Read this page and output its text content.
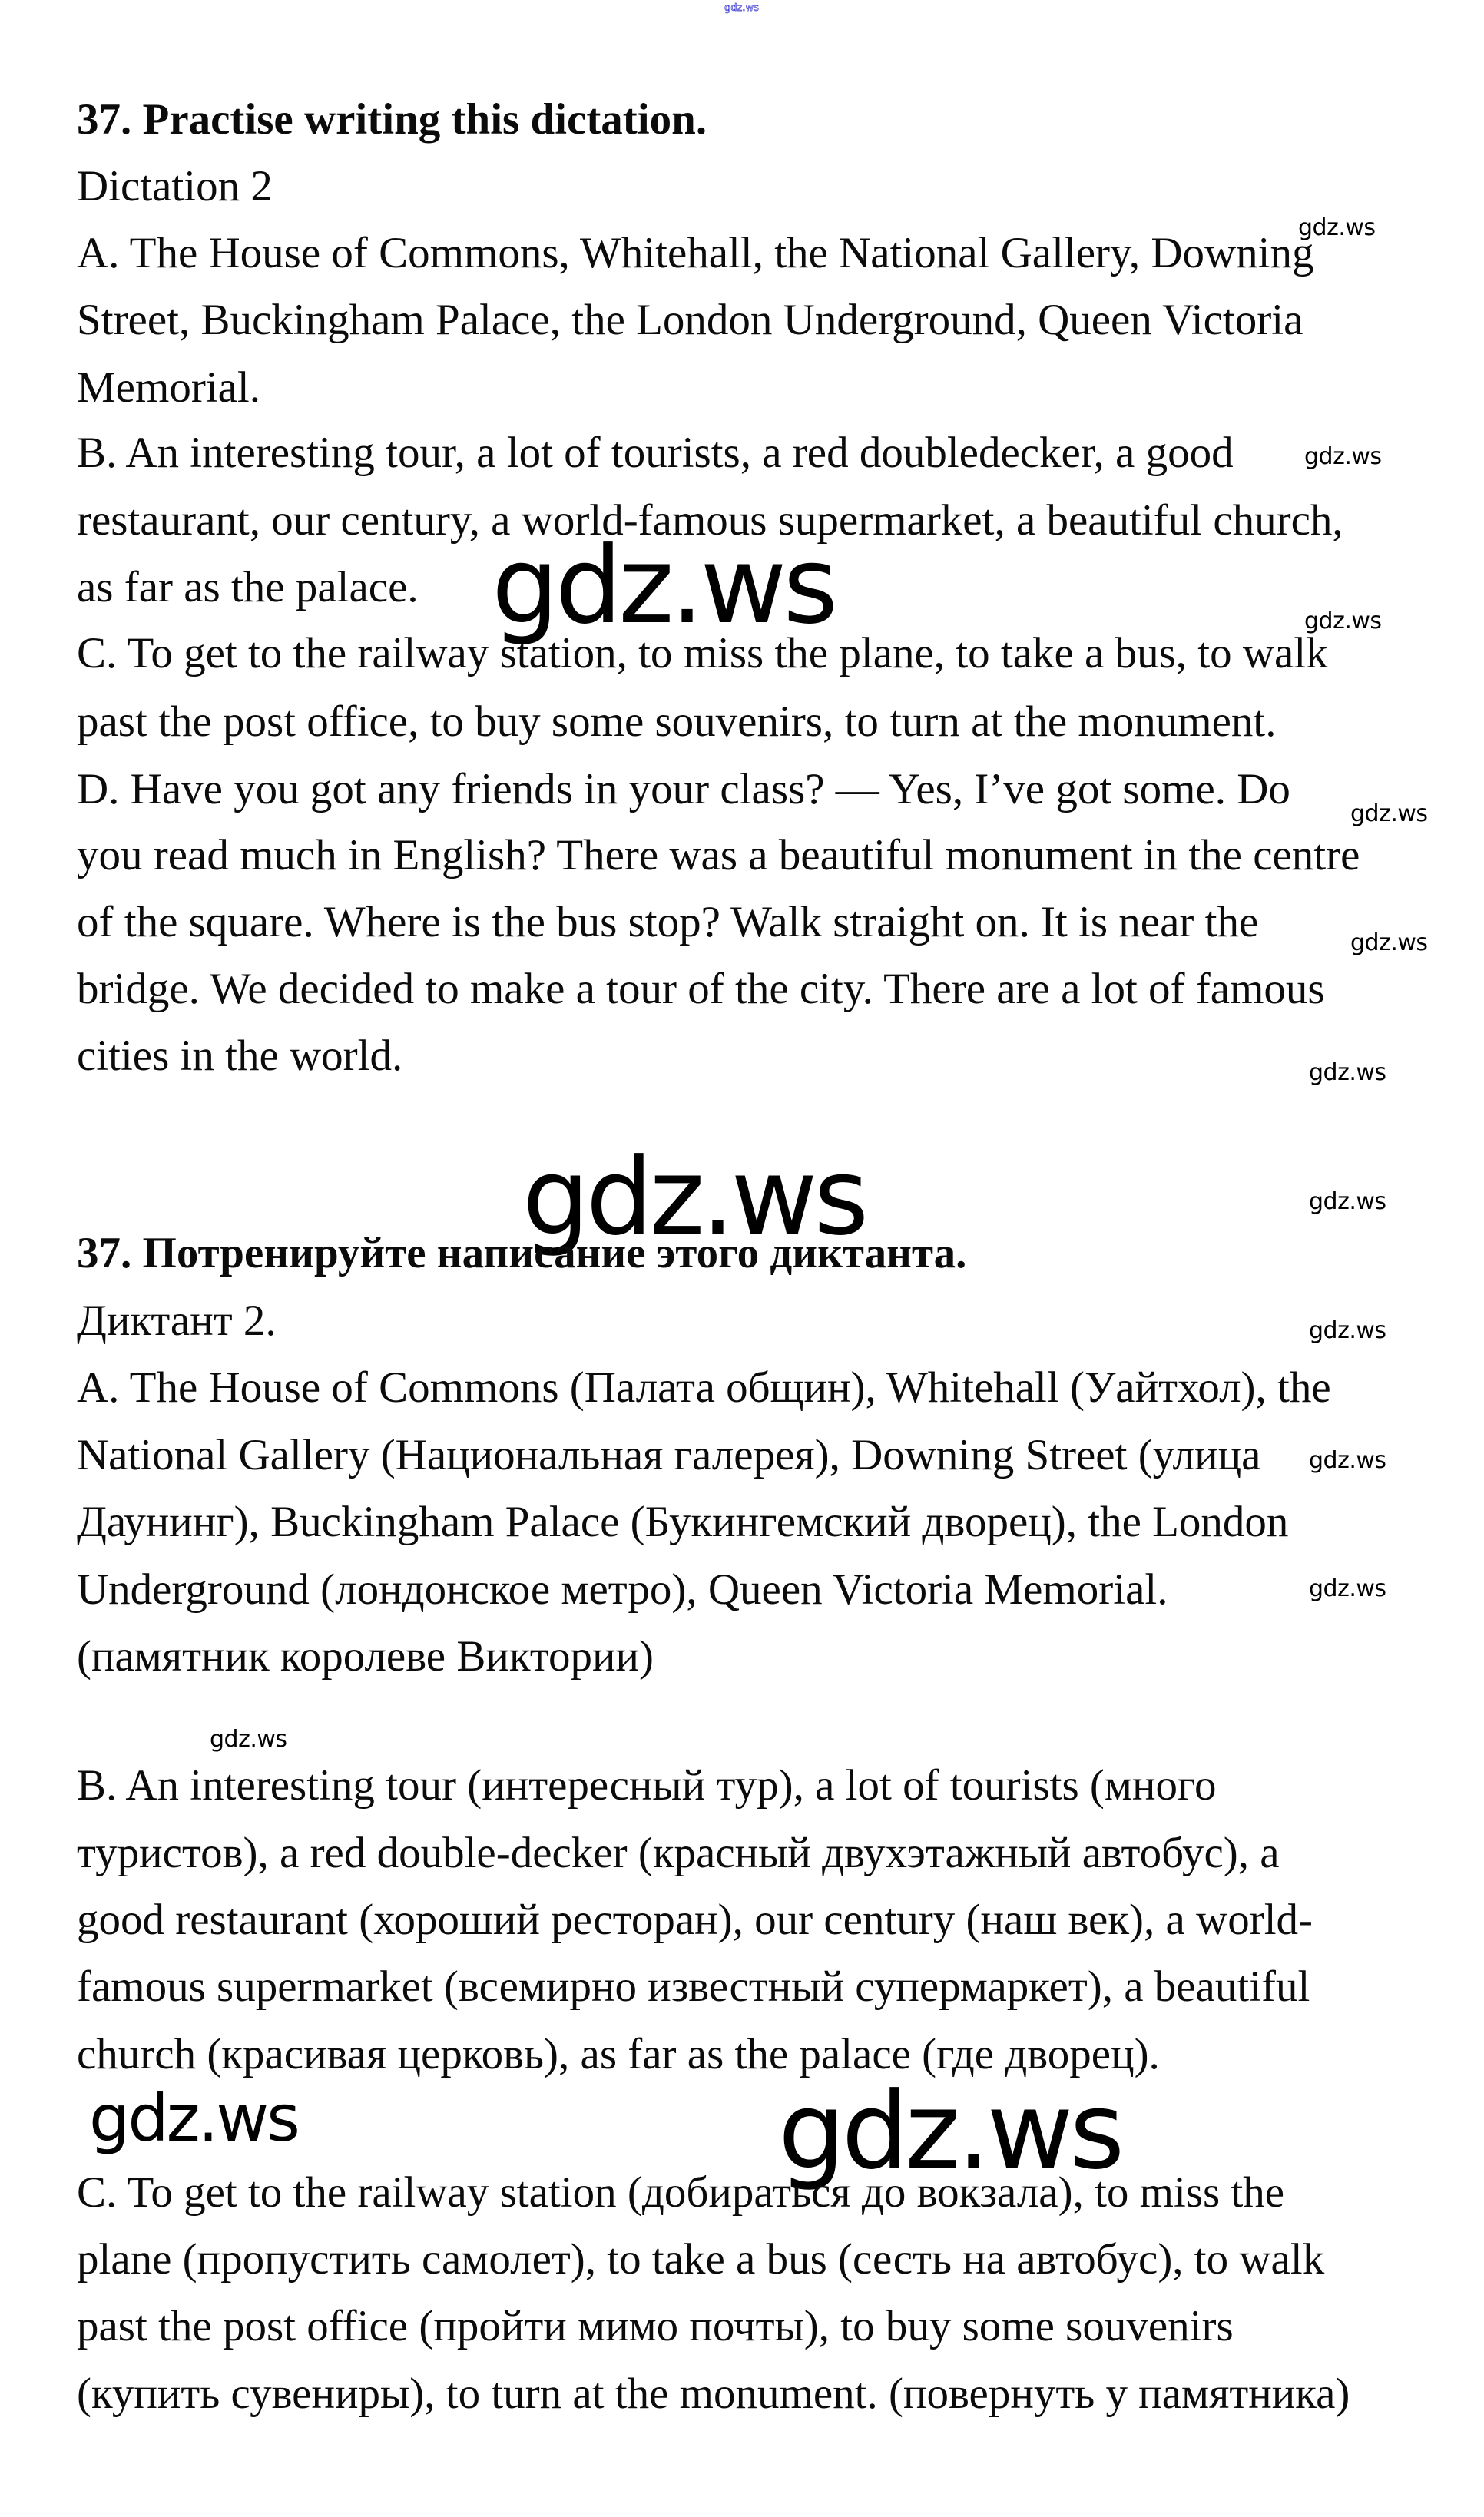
gdz.ws
37. Practise writing this dictation.
Dictation 2
A. The House of Commons, Whitehall, the National Gallery, Downing
Street, Buckingham Palace, the London Underground, Queen Victoria
Memorial.
B. An interesting tour, a lot of tourists, a red doubledecker, a good
restaurant, our century, a world-famous supermarket, a beautiful church,
as far as the palace.
C. To get to the railway station, to miss the plane, to take a bus, to walk
past the post office, to buy some souvenirs, to turn at the monument.
D. Have you got any friends in your class? — Yes, I’ve got some. Do
you read much in English? There was a beautiful monument in the centre
of the square. Where is the bus stop? Walk straight on. It is near the
bridge. We decided to make a tour of the city. There are a lot of famous
cities in the world.
gdz.ws
gdz.ws
gdz.ws	gdz.ws
gdz.ws
gdz.ws
gdz.ws
gdz.ws	gdz.ws
37. Потренируйте написание этого диктанта.
Диктант 2.	gdz.ws
A. The House of Commons (Палата общин), Whitehall (Уайтхол), the
National Gallery (Национальная галерея), Downing Street (улица gdz.ws
Даунинг), Buckingham Palace (Букингемский дворец), the London
Underground (лондонское метро), Queen Victoria Memorial.	gdz.ws
(памятник королеве Виктории)
gdz.ws
B. An interesting tour (интересный тур), a lot of tourists (много
туристов), a red double-decker (красный двухэтажный автобус), a
good restaurant (хороший ресторан), our century (наш век), a world-
famous supermarket (всемирно известный супермаркет), a beautiful
church (красивая церковь), as far as the palace (где дворец).
gdz.ws	gdz.ws
C. To get to the railway station (добираться до вокзала), to miss the
plane (пропустить самолет), to take a bus (сесть на автобус), to walk
past the post office (пройти мимо почты), to buy some souvenirs
(купить сувениры), to turn at the monument. (повернуть у памятника)
